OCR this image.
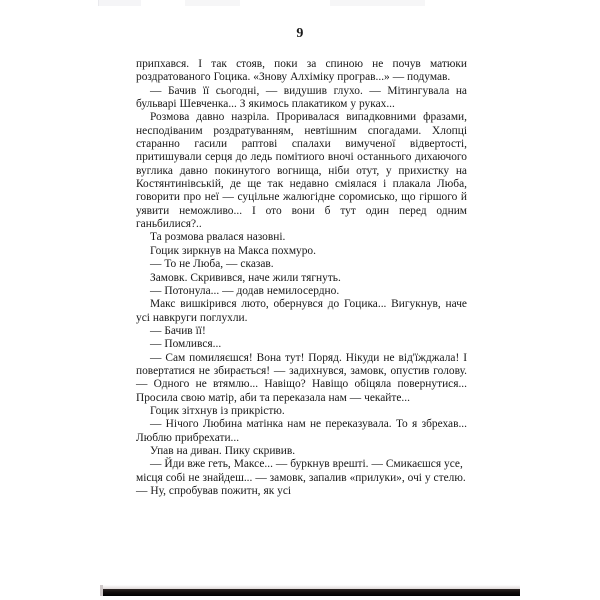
9

припхався. І так стояв, поки за спиною не почув матюки роздратованого Гоцика. «Знову Алхіміку програв...» — подумав.

— Бачив її сьогодні, — видушив глухо. — Мітингувала на бульварі Шевченка... З якимось плакатиком у руках...

Розмова давно назріла. Проривалася випадковними фразами, несподіваним роздратуванням, невтішним спогадами. Хлопці старанно гасили раптові спалахи вимученої відвертості, притишували серця до ледь помітиого вночі останнього дихаючого вуглика давно покинутого вогнища, ніби отут, у прихистку на Костянтинівській, де ще так недавно сміялася і плакала Люба, говорити про неї — суцільне жалюгідне соромисько, що гіршого й уявити неможливо... І ото вони б тут один перед одним ганьбилися?..

Та розмова рвалася назовні.

Гоцик зиркнув на Макса похмуро.

— То не Люба, — сказав.

Замовк. Скривився, наче жили тягнуть.

— Потонула... — додав немилосердно.

Макс вишкірився люто, обернувся до Гоцика... Вигукнув, наче усі навкруги поглухли.

— Бачив її!

— Помлився...

— Сам помиляєшся! Вона тут! Поряд. Нікуди не від'їжджала! І повертатися не збирається! — задихнувся, замовк, опустив голову. — Одного не втямлю... Навіщо? Навіщо обіцяла повернутися... Просила свою матір, аби та переказала нам — чекайте...

Гоцик зітхнув із прикрістю.

— Нічого Любина матінка нам не переказувала. То я збрехав... Люблю прибрехати...

Упав на диван. Пику скривив.

— Йди вже геть, Максе... — буркнув врешті. — Смикаєшся усе, місця собі не знайдеш... — замовк, запалив «прилуки», очі у стелю. — Ну, спробував пожитн, як усі
